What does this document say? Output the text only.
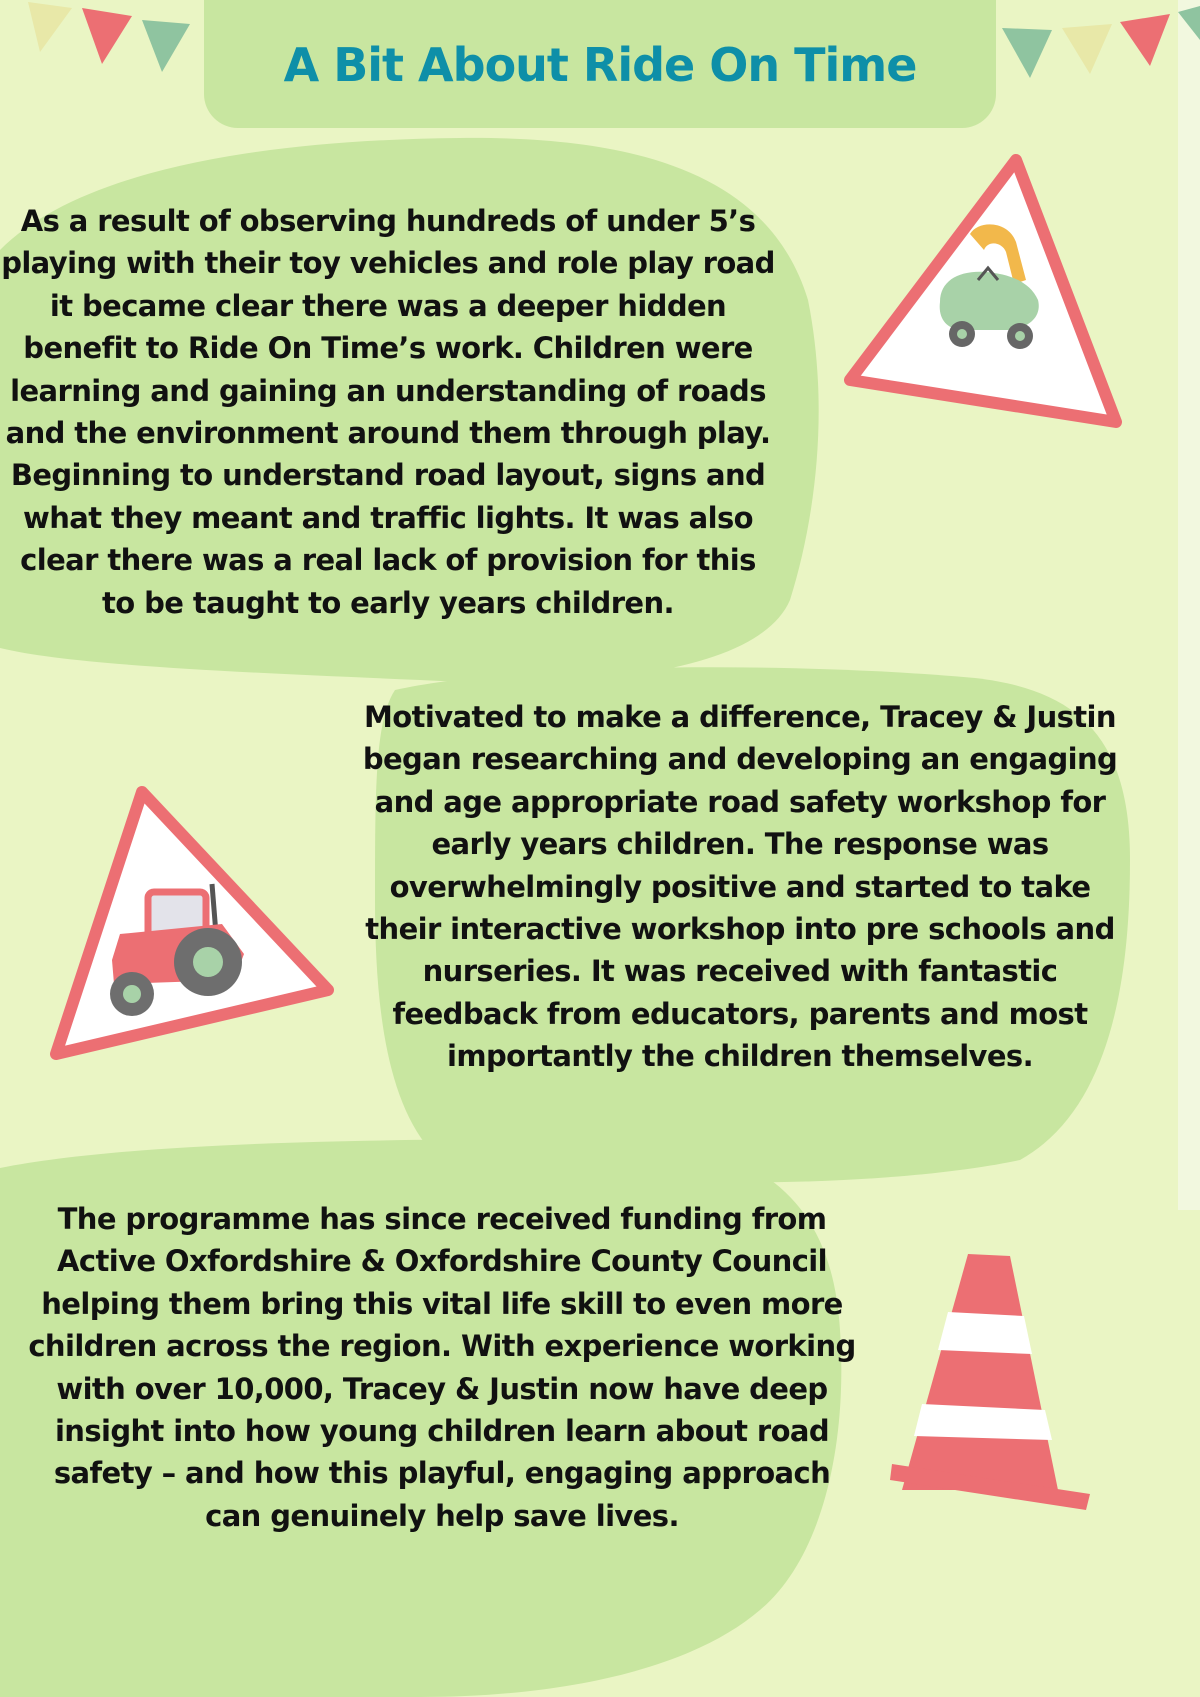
A Bit About Ride On Time

As a result of observing hundreds of under 5’s playing with their toy vehicles and role play road it became clear there was a deeper hidden benefit to Ride On Time’s work. Children were learning and gaining an understanding of roads and the environment around them through play. Beginning to understand road layout, signs and what they meant and traffic lights. It was also clear there was a real lack of provision for this to be taught to early years children.

Motivated to make a difference, Tracey & Justin began researching and developing an engaging and age appropriate road safety workshop for early years children. The response was overwhelmingly positive and started to take their interactive workshop into pre schools and nurseries. It was received with fantastic feedback from educators, parents and most importantly the children themselves.

The programme has since received funding from Active Oxfordshire & Oxfordshire County Council helping them bring this vital life skill to even more children across the region. With experience working with over 10,000, Tracey & Justin now have deep insight into how young children learn about road safety – and how this playful, engaging approach can genuinely help save lives.
